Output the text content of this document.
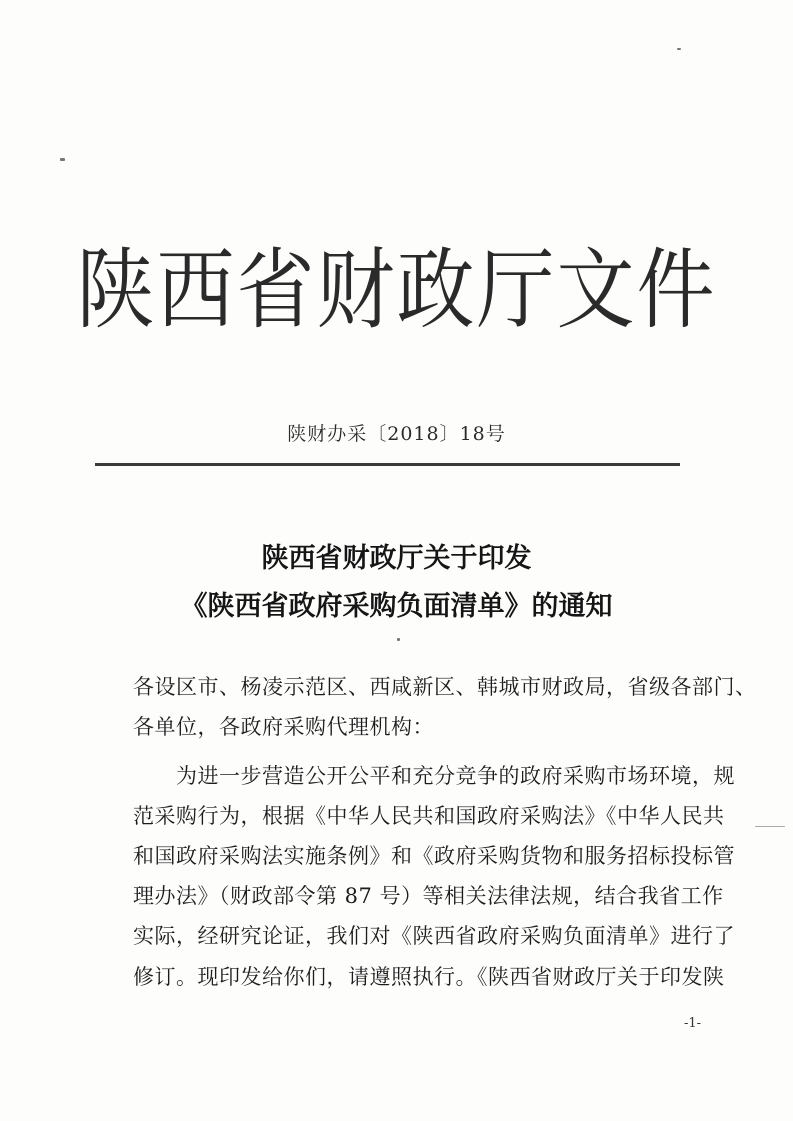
陕西省财政厅文件
陕财办采〔2018〕18号
陕西省财政厅关于印发
《陕西省政府采购负面清单》的通知
各设区市、杨凌示范区、西咸新区、韩城市财政局，省级各部门、
各单位，各政府采购代理机构：
　　为进一步营造公开公平和充分竞争的政府采购市场环境，规
范采购行为，根据《中华人民共和国政府采购法》《中华人民共
和国政府采购法实施条例》和《政府采购货物和服务招标投标管
理办法》（财政部令第 87 号）等相关法律法规，结合我省工作
实际，经研究论证，我们对《陕西省政府采购负面清单》进行了
修订。现印发给你们，请遵照执行。《陕西省财政厅关于印发陕
-1-
